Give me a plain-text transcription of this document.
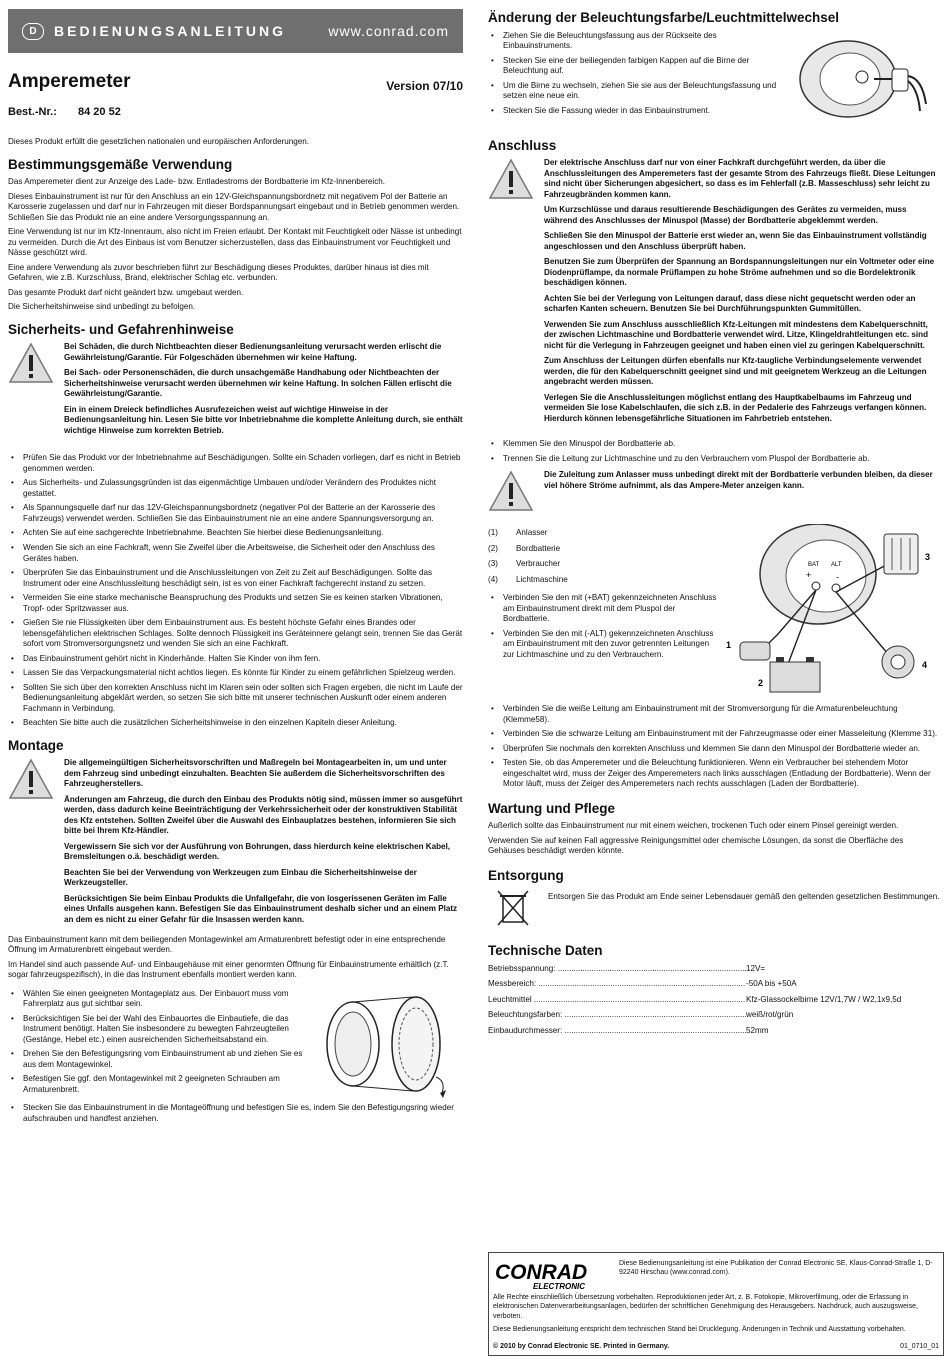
D	BEDIENUNGSANLEITUNG	www.conrad.com
Amperemeter	Version 07/10
Best.-Nr.:	84 20 52

Dieses Produkt erfüllt die gesetzlichen nationalen und europäischen Anforderungen.

Bestimmungsgemäße Verwendung

Das Amperemeter dient zur Anzeige des Lade- bzw. Entladestroms der Bordbatterie im Kfz-Innenbereich.

Dieses Einbauinstrument ist nur für den Anschluss an ein 12V-Gleichspannungsbordnetz mit negativem Pol der Batterie an Karosserie zugelassen und darf nur in Fahrzeugen mit dieser Bordspannungsart eingebaut und in Betrieb genommen werden. Schließen Sie das Produkt nie an eine andere Versorgungsspannung an.

Eine Verwendung ist nur im Kfz-Innenraum, also nicht im Freien erlaubt. Der Kontakt mit Feuchtigkeit oder Nässe ist unbedingt zu vermeiden. Durch die Art des Einbaus ist vom Benutzer sicherzustellen, dass das Einbauinstrument vor Feuchtigkeit und Nässe geschützt wird.

Eine andere Verwendung als zuvor beschrieben führt zur Beschädigung dieses Produktes, darüber hinaus ist dies mit Gefahren, wie z.B. Kurzschluss, Brand, elektrischer Schlag etc. verbunden.

Das gesamte Produkt darf nicht geändert bzw. umgebaut werden.

Die Sicherheitshinweise sind unbedingt zu befolgen.

Sicherheits- und Gefahrenhinweise

Bei Schäden, die durch Nichtbeachten dieser Bedienungsanleitung verursacht werden erlischt die Gewährleistung/Garantie. Für Folgeschäden übernehmen wir keine Haftung.

Bei Sach- oder Personenschäden, die durch unsachgemäße Handhabung oder Nichtbeachten der Sicherheitshinweise verursacht werden übernehmen wir keine Haftung. In solchen Fällen erlischt die Gewährleistung/Garantie.

Ein in einem Dreieck befindliches Ausrufezeichen weist auf wichtige Hinweise in der Bedienungsanleitung hin. Lesen Sie bitte vor Inbetriebnahme die komplette Anleitung durch, sie enthält wichtige Hinweise zum korrekten Betrieb.

• Prüfen Sie das Produkt vor der Inbetriebnahme auf Beschädigungen. Sollte ein Schaden vorliegen, darf es nicht in Betrieb genommen werden.
• Aus Sicherheits- und Zulassungsgründen ist das eigenmächtige Umbauen und/oder Verändern des Produktes nicht gestattet.
• Als Spannungsquelle darf nur das 12V-Gleichspannungsbordnetz (negativer Pol der Batterie an der Karosserie des Fahrzeugs) verwendet werden. Schließen Sie das Einbauinstrument nie an eine andere Spannungsversorgung an.
• Achten Sie auf eine sachgerechte Inbetriebnahme. Beachten Sie hierbei diese Bedienungsanleitung.
• Wenden Sie sich an eine Fachkraft, wenn Sie Zweifel über die Arbeitsweise, die Sicherheit oder den Anschluss des Gerätes haben.
• Überprüfen Sie das Einbauinstrument und die Anschlussleitungen von Zeit zu Zeit auf Beschädigungen. Sollte das Instrument oder eine Anschlussleitung beschädigt sein, ist es von einer Fachkraft fachgerecht instand zu setzen.
• Vermeiden Sie eine starke mechanische Beanspruchung des Produkts und setzen Sie es keinen starken Vibrationen, Tropf- oder Spritzwasser aus.
• Gießen Sie nie Flüssigkeiten über dem Einbauinstrument aus. Es besteht höchste Gefahr eines Brandes oder lebensgefährlichen elektrischen Schlages. Sollte dennoch Flüssigkeit ins Geräteinnere gelangt sein, trennen Sie das Gerät sofort vom Stromversorgungsnetz und wenden Sie sich an eine Fachkraft.
• Das Einbauinstrument gehört nicht in Kinderhände. Halten Sie Kinder von ihm fern.
• Lassen Sie das Verpackungsmaterial nicht achtlos liegen. Es könnte für Kinder zu einem gefährlichen Spielzeug werden.
• Sollten Sie sich über den korrekten Anschluss nicht im Klaren sein oder sollten sich Fragen ergeben, die nicht im Laufe der Bedienungsanleitung abgeklärt werden, so setzen Sie sich bitte mit unserer technischen Auskunft oder einem anderen Fachmann in Verbindung.
• Beachten Sie bitte auch die zusätzlichen Sicherheitshinweise in den einzelnen Kapiteln dieser Anleitung.
Montage

Die allgemeingültigen Sicherheitsvorschriften und Maßregeln bei Montagearbeiten in, um und unter dem Fahrzeug sind unbedingt einzuhalten. Beachten Sie außerdem die Sicherheitsvorschriften des Fahrzeugherstellers.

Änderungen am Fahrzeug, die durch den Einbau des Produkts nötig sind, müssen immer so ausgeführt werden, dass dadurch keine Beeinträchtigung der Verkehrssicherheit oder der konstruktiven Stabilität des Kfz entstehen. Sollten Zweifel über die Auswahl des Einbauplatzes bestehen, informieren Sie sich bitte bei Ihrem Kfz-Händler.

Vergewissern Sie sich vor der Ausführung von Bohrungen, dass hierdurch keine elektrischen Kabel, Bremsleitungen o.ä. beschädigt werden.

Beachten Sie bei der Verwendung von Werkzeugen zum Einbau die Sicherheitshinweise der Werkzeugsteller.

Berücksichtigen Sie beim Einbau Produkts die Unfallgefahr, die von losgerissenen Geräten im Falle eines Unfalls ausgehen kann. Befestigen Sie das Einbauinstrument deshalb sicher und an einem Platz an dem es nicht zu einer Gefahr für die Insassen werden kann.

Das Einbauinstrument kann mit dem beiliegenden Montagewinkel am Armaturenbrett befestigt oder in eine entsprechende Öffnung im Armaturenbrett eingebaut werden.

Im Handel sind auch passende Auf- und Einbaugehäuse mit einer genormten Öffnung für Einbauinstrumente erhältlich (z.T. sogar fahrzeugspezifisch), in die das Instrument ebenfalls montiert werden kann.

• Wählen Sie einen geeigneten Montageplatz aus. Der Einbauort muss vom Fahrerplatz aus gut sichtbar sein.
• Berücksichtigen Sie bei der Wahl des Einbauortes die Einbautiefe, die das Instrument benötigt. Halten Sie insbesondere zu bewegten Fahrzeugteilen (Gestänge, Hebel etc.) einen ausreichenden Sicherheitsabstand ein.
• Drehen Sie den Befestigungsring vom Einbauinstrument ab und ziehen Sie es aus dem Montagewinkel.
• Befestigen Sie ggf. den Montagewinkel mit 2 geeigneten Schrauben am Armaturenbrett.
• Stecken Sie das Einbauinstrument in die Montageöffnung und befestigen Sie es, indem Sie den Befestigungsring wieder aufschrauben und handfest anziehen.
Änderung der Beleuchtungsfarbe/Leuchtmittelwechsel
• Ziehen Sie die Beleuchtungsfassung aus der Rückseite des Einbauinstruments.
• Stecken Sie eine der beiliegenden farbigen Kappen auf die Birne der Beleuchtung auf.
• Um die Birne zu wechseln, ziehen Sie sie aus der Beleuchtungsfassung und setzen eine neue ein.
• Stecken Sie die Fassung wieder in das Einbauinstrument.
Anschluss

Der elektrische Anschluss darf nur von einer Fachkraft durchgeführt werden, da über die Anschlussleitungen des Amperemeters fast der gesamte Strom des Fahrzeugs fließt. Diese Leitungen sind nicht über Sicherungen abgesichert, so dass es im Fehlerfall (z.B. Masseschluss) sehr leicht zu Fahrzeugbränden kommen kann.

Um Kurzschlüsse und daraus resultierende Beschädigungen des Gerätes zu vermeiden, muss während des Anschlusses der Minuspol (Masse) der Bordbatterie abgeklemmt werden.

Schließen Sie den Minuspol der Batterie erst wieder an, wenn Sie das Einbauinstrument vollständig angeschlossen und den Anschluss überprüft haben.

Benutzen Sie zum Überprüfen der Spannung an Bordspannungsleitungen nur ein Voltmeter oder eine Diodenprüflampe, da normale Prüflampen zu hohe Ströme aufnehmen und so die Bordelektronik beschädigen können.

Achten Sie bei der Verlegung von Leitungen darauf, dass diese nicht gequetscht werden oder an scharfen Kanten scheuern. Benutzen Sie bei Durchführungspunkten Gummitüllen.

Verwenden Sie zum Anschluss ausschließlich Kfz-Leitungen mit mindestens dem Kabelquerschnitt, der zwischen Lichtmaschine und Bordbatterie verwendet wird. Litze, Klingeldrahtleitungen etc. sind nicht für die Verlegung in Fahrzeugen geeignet und haben einen viel zu geringen Kabelquerschnitt.

Zum Anschluss der Leitungen dürfen ebenfalls nur Kfz-taugliche Verbindungselemente verwendet werden, die für den Kabelquerschnitt geeignet sind und mit geeignetem Werkzeug an die Leitungen angebracht werden müssen.

Verlegen Sie die Anschlussleitungen möglichst entlang des Hauptkabelbaums im Fahrzeug und vermeiden Sie lose Kabelschlaufen, die sich z.B. in der Pedalerie des Fahrzeugs verfangen können. Hierdurch können lebensgefährliche Situationen im Fahrbetrieb entstehen.

• Klemmen Sie den Minuspol der Bordbatterie ab.
• Trennen Sie die Leitung zur Lichtmaschine und zu den Verbrauchern vom Pluspol der Bordbatterie ab.

Die Zuleitung zum Anlasser muss unbedingt direkt mit der Bordbatterie verbunden bleiben, da dieser viel höhere Ströme aufnimmt, als das Ampere-Meter anzeigen kann.

(1)	Anlasser
(2)	Bordbatterie
(3)	Verbraucher
(4)	Lichtmaschine
• Verbinden Sie den mit (+BAT) gekennzeichneten Anschluss am Einbauinstrument direkt mit dem Pluspol der Bordbatterie.
• Verbinden Sie den mit (-ALT) gekennzeichneten Anschluss am Einbauinstrument mit den zuvor getrennten Leitungen zur Lichtmaschine und zu den Verbrauchern.
BAT ALT
+	-
3
1
2
4
• Verbinden Sie die weiße Leitung am Einbauinstrument mit der Stromversorgung für die Armaturenbeleuchtung (Klemme58).
• Verbinden Sie die schwarze Leitung am Einbauinstrument mit der Fahrzeugmasse oder einer Masseleitung (Klemme 31).
• Überprüfen Sie nochmals den korrekten Anschluss und klemmen Sie dann den Minuspol der Bordbatterie wieder an.
• Testen Sie, ob das Amperemeter und die Beleuchtung funktionieren. Wenn ein Verbraucher bei stehendem Motor eingeschaltet wird, muss der Zeiger des Amperemeters nach links ausschlagen (Entladung der Bordbatterie). Wenn der Motor läuft, muss der Zeiger des Amperemeters nach rechts ausschlagen (Laden der Bordbatterie).
Wartung und Pflege

Außerlich sollte das Einbauinstrument nur mit einem weichen, trockenen Tuch oder einem Pinsel gereinigt werden.

Verwenden Sie auf keinen Fall aggressive Reinigungsmittel oder chemische Lösungen, da sonst die Oberfläche des Gehäuses beschädigt werden könnte.

Entsorgung

Entsorgen Sie das Produkt am Ende seiner Lebensdauer gemäß den geltenden gesetzlichen Bestimmungen.

Technische Daten
Betriebsspannung: .....	12V=
Messbereich: .....	-50A bis +50A
Leuchtmittel .....	Kfz-Glassockelbirne 12V/1,7W / W2,1x9,5d
Beleuchtungsfarben: .....	weiß/rot/grün
Einbaudurchmesser: .....	52mm
CONRAD
ELECTRONIC
Diese Bedienungsanleitung ist eine Publikation der Conrad Electronic SE, Klaus-Conrad-Straße 1, D-92240 Hirschau (www.conrad.com).
Alle Rechte einschließlich Übersetzung vorbehalten. Reproduktionen jeder Art, z. B. Fotokopie, Mikroverfilmung, oder die Erfassung in elektronischen Datenverarbeitungsanlagen, bedürfen der schriftlichen Genehmigung des Herausgebers. Nachdruck, auch auszugsweise, verboten.
Diese Bedienungsanleitung entspricht dem technischen Stand bei Drucklegung. Änderungen in Technik und Ausstattung vorbehalten.
© 2010 by Conrad Electronic SE. Printed in Germany.	01_0710_01
